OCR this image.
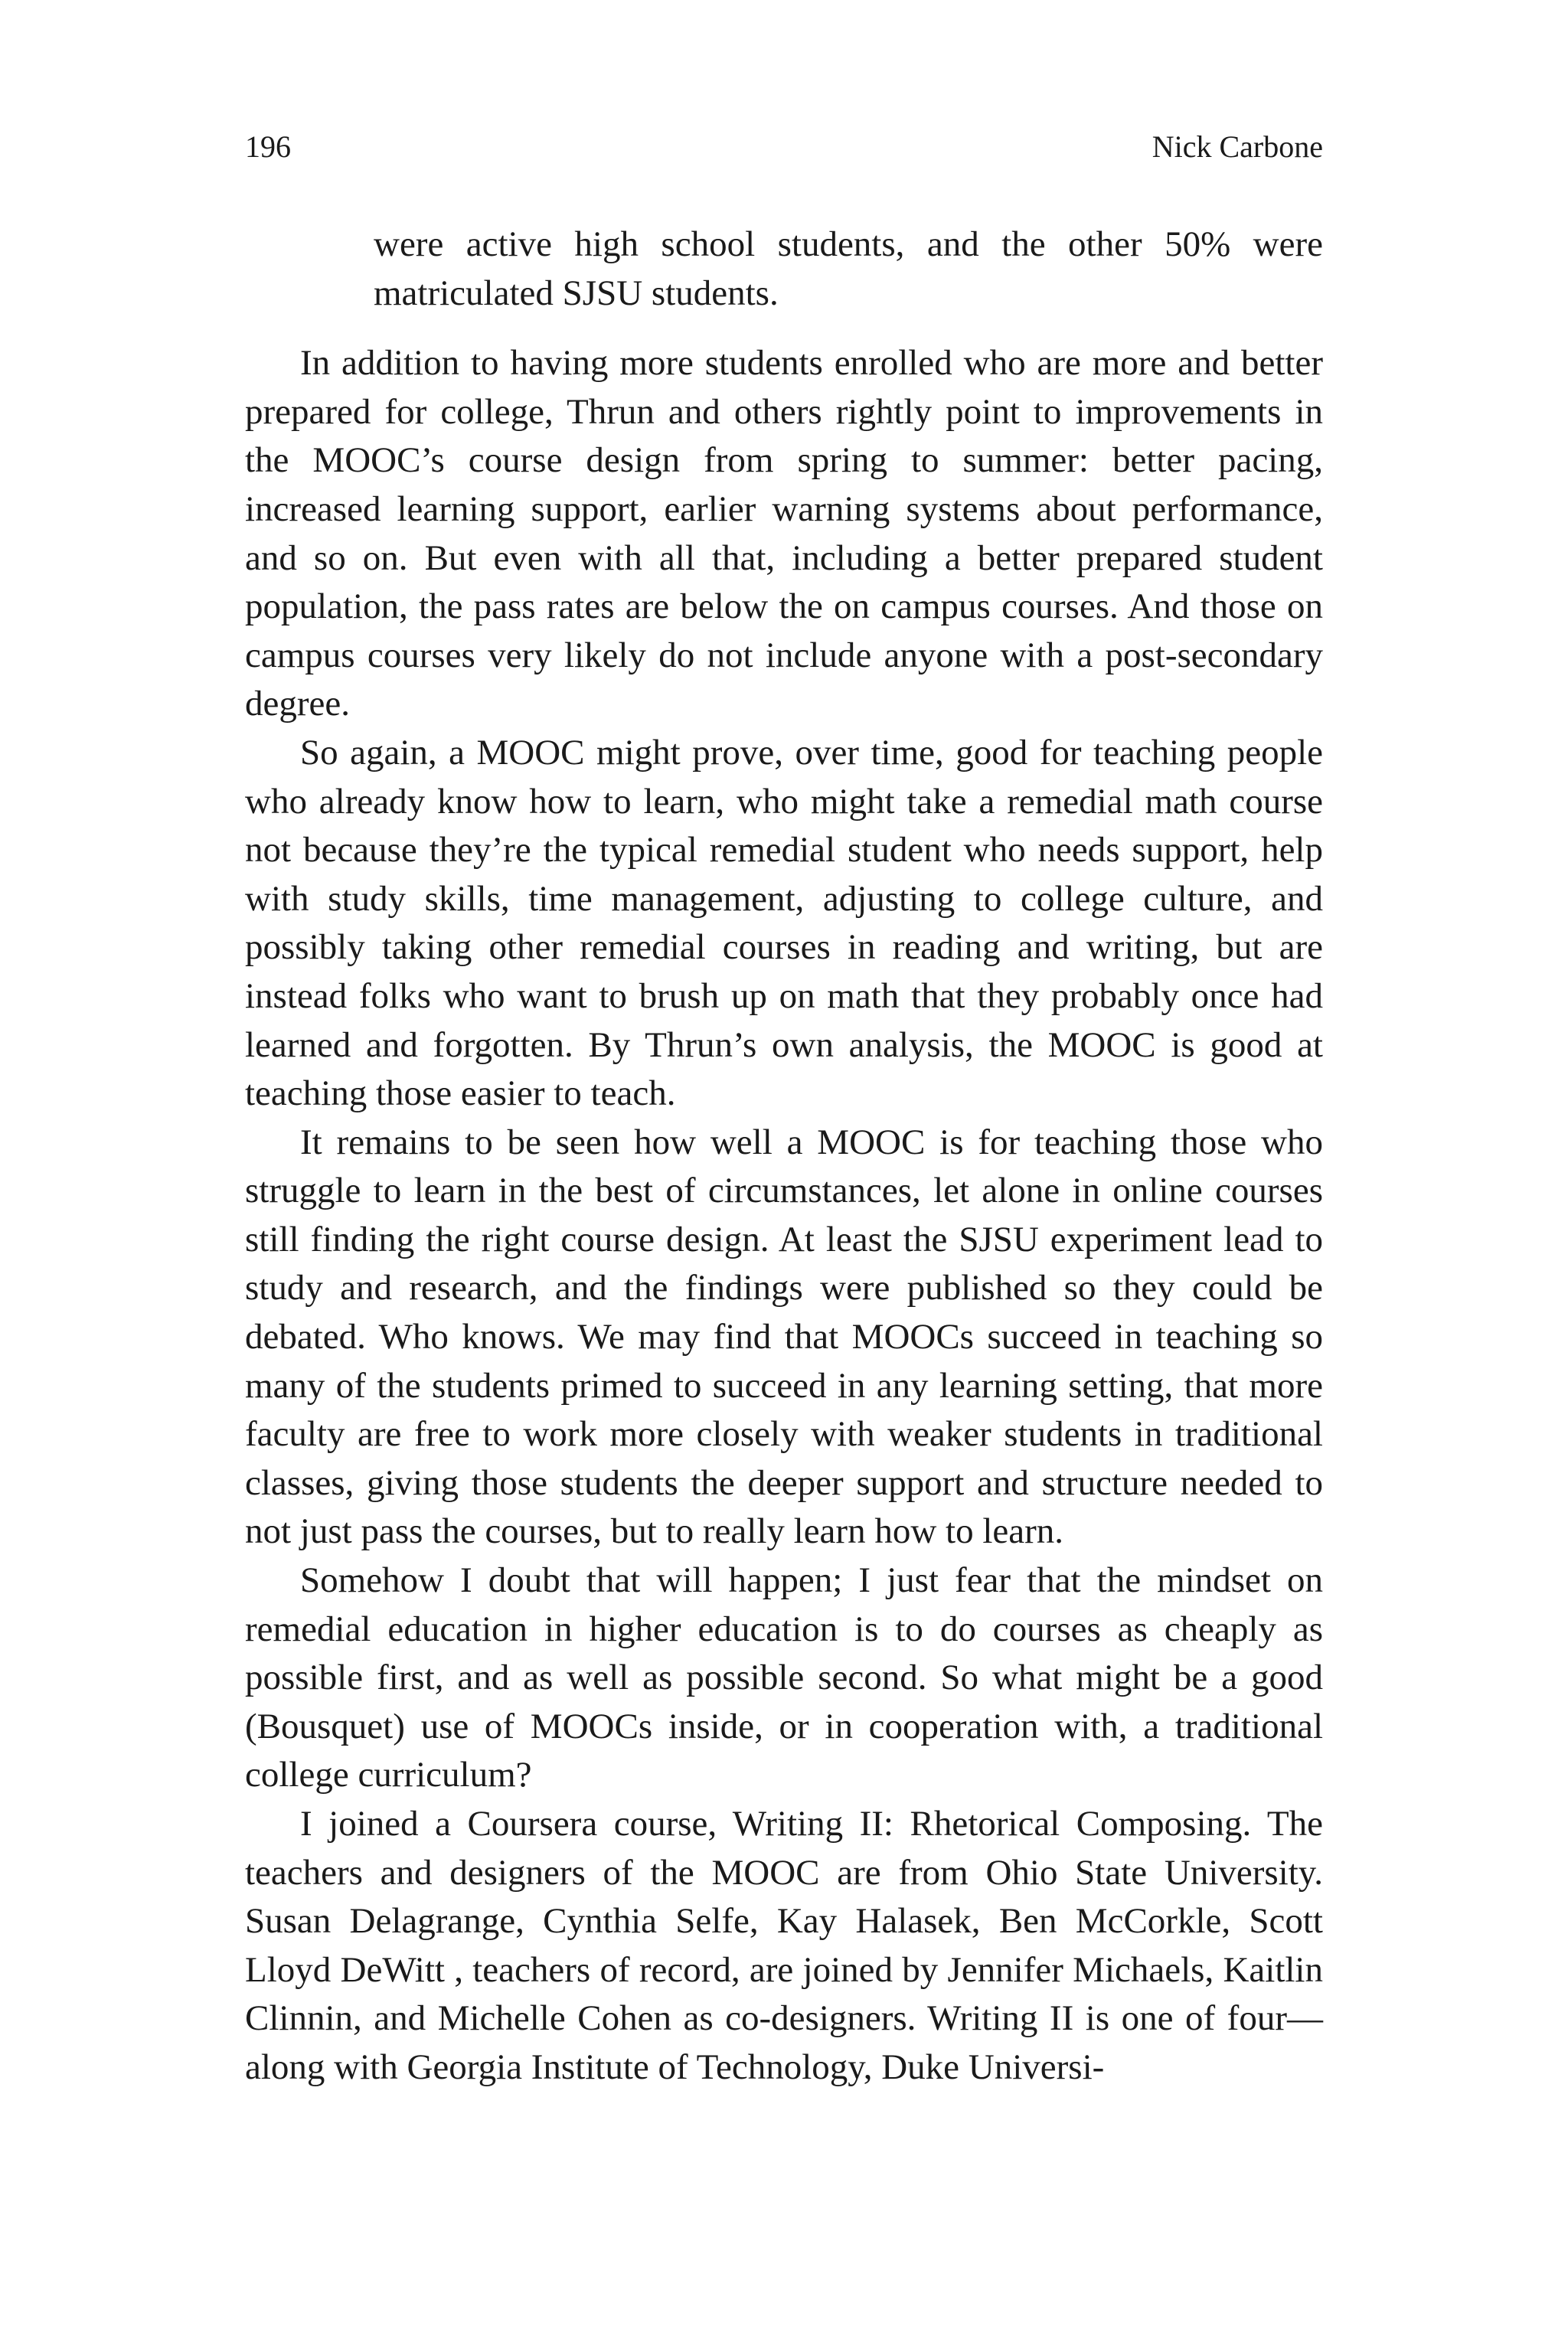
196	Nick Carbone

were active high school students, and the other 50% were matriculated SJSU students.

In addition to having more students enrolled who are more and better prepared for college, Thrun and others rightly point to improvements in the MOOC’s course design from spring to summer: better pacing, increased learning support, earlier warning systems about performance, and so on. But even with all that, including a better prepared student population, the pass rates are below the on campus courses. And those on campus courses very likely do not include anyone with a post-secondary degree.

So again, a MOOC might prove, over time, good for teaching people who already know how to learn, who might take a remedial math course not because they’re the typical remedial student who needs support, help with study skills, time management, adjusting to college culture, and possibly taking other remedial courses in reading and writing, but are instead folks who want to brush up on math that they probably once had learned and forgotten. By Thrun’s own analysis, the MOOC is good at teaching those easier to teach.

It remains to be seen how well a MOOC is for teaching those who struggle to learn in the best of circumstances, let alone in online courses still finding the right course design. At least the SJSU experiment lead to study and research, and the findings were published so they could be debated. Who knows. We may find that MOOCs succeed in teaching so many of the students primed to succeed in any learning setting, that more faculty are free to work more closely with weaker students in traditional classes, giving those students the deeper support and structure needed to not just pass the courses, but to really learn how to learn.

Somehow I doubt that will happen; I just fear that the mindset on remedial education in higher education is to do courses as cheaply as possible first, and as well as possible second. So what might be a good (Bousquet) use of MOOCs inside, or in cooperation with, a traditional college curriculum?

I joined a Coursera course, Writing II: Rhetorical Composing. The teachers and designers of the MOOC are from Ohio State University. Susan Delagrange, Cynthia Selfe, Kay Halasek, Ben McCorkle, Scott Lloyd DeWitt , teachers of record, are joined by Jennifer Michaels, Kaitlin Clinnin, and Michelle Cohen as co-designers. Writing II is one of four—along with Georgia Institute of Technology, Duke Universi-
